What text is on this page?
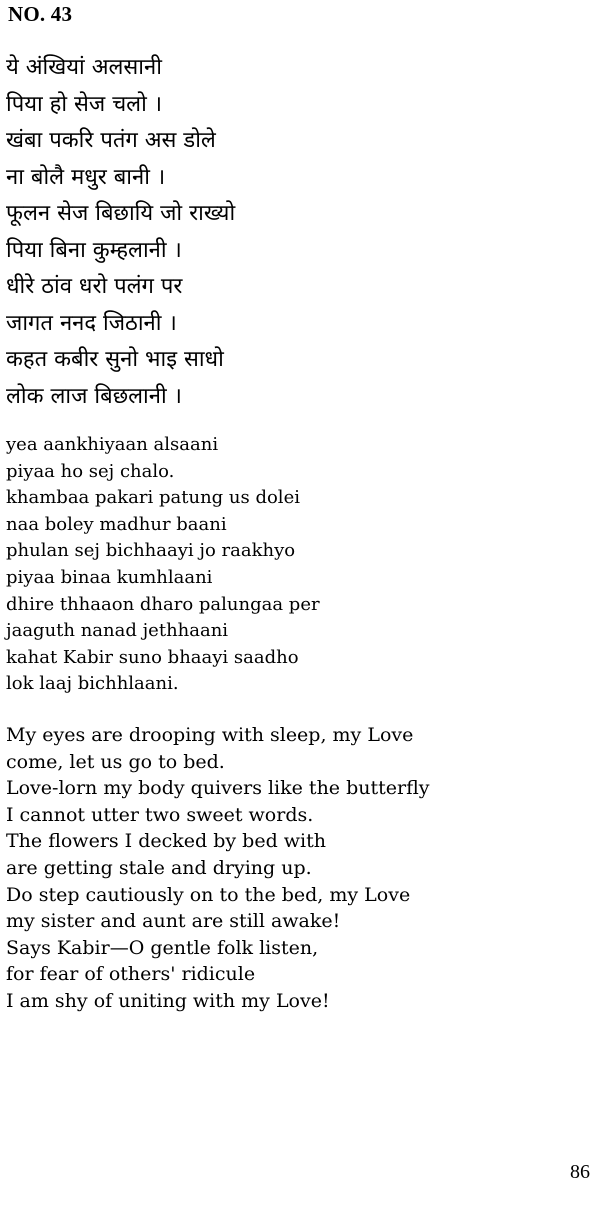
NO. 43
ये अंखियां अलसानी
पिया हो सेज चलो ।
खंबा पकरि पतंग अस डोले
ना बोलै मधुर बानी ।
फूलन सेज बिछायि जो राख्यो
पिया बिना कुम्हलानी ।
धीरे ठांव धरो पलंग पर
जागत ननद जिठानी ।
कहत कबीर सुनो भाइ साधो
लोक लाज बिछलानी ।
yea aankhiyaan alsaani
piyaa ho sej chalo.
khambaa pakari patung us dolei
naa boley madhur baani
phulan sej bichhaayi jo raakhyo
piyaa binaa kumhlaani
dhire thhaaon dharo palungaa per
jaaguth nanad jethhaani
kahat Kabir suno bhaayi saadho
lok laaj bichhlaani.
My eyes are drooping with sleep, my Love
come, let us go to bed.
Love-lorn my body quivers like the butterfly
I cannot utter two sweet words.
The flowers I decked by bed with
are getting stale and drying up.
Do step cautiously on to the bed, my Love
my sister and aunt are still awake!
Says Kabir—O gentle folk listen,
for fear of others' ridicule
I am shy of uniting with my Love!
86
